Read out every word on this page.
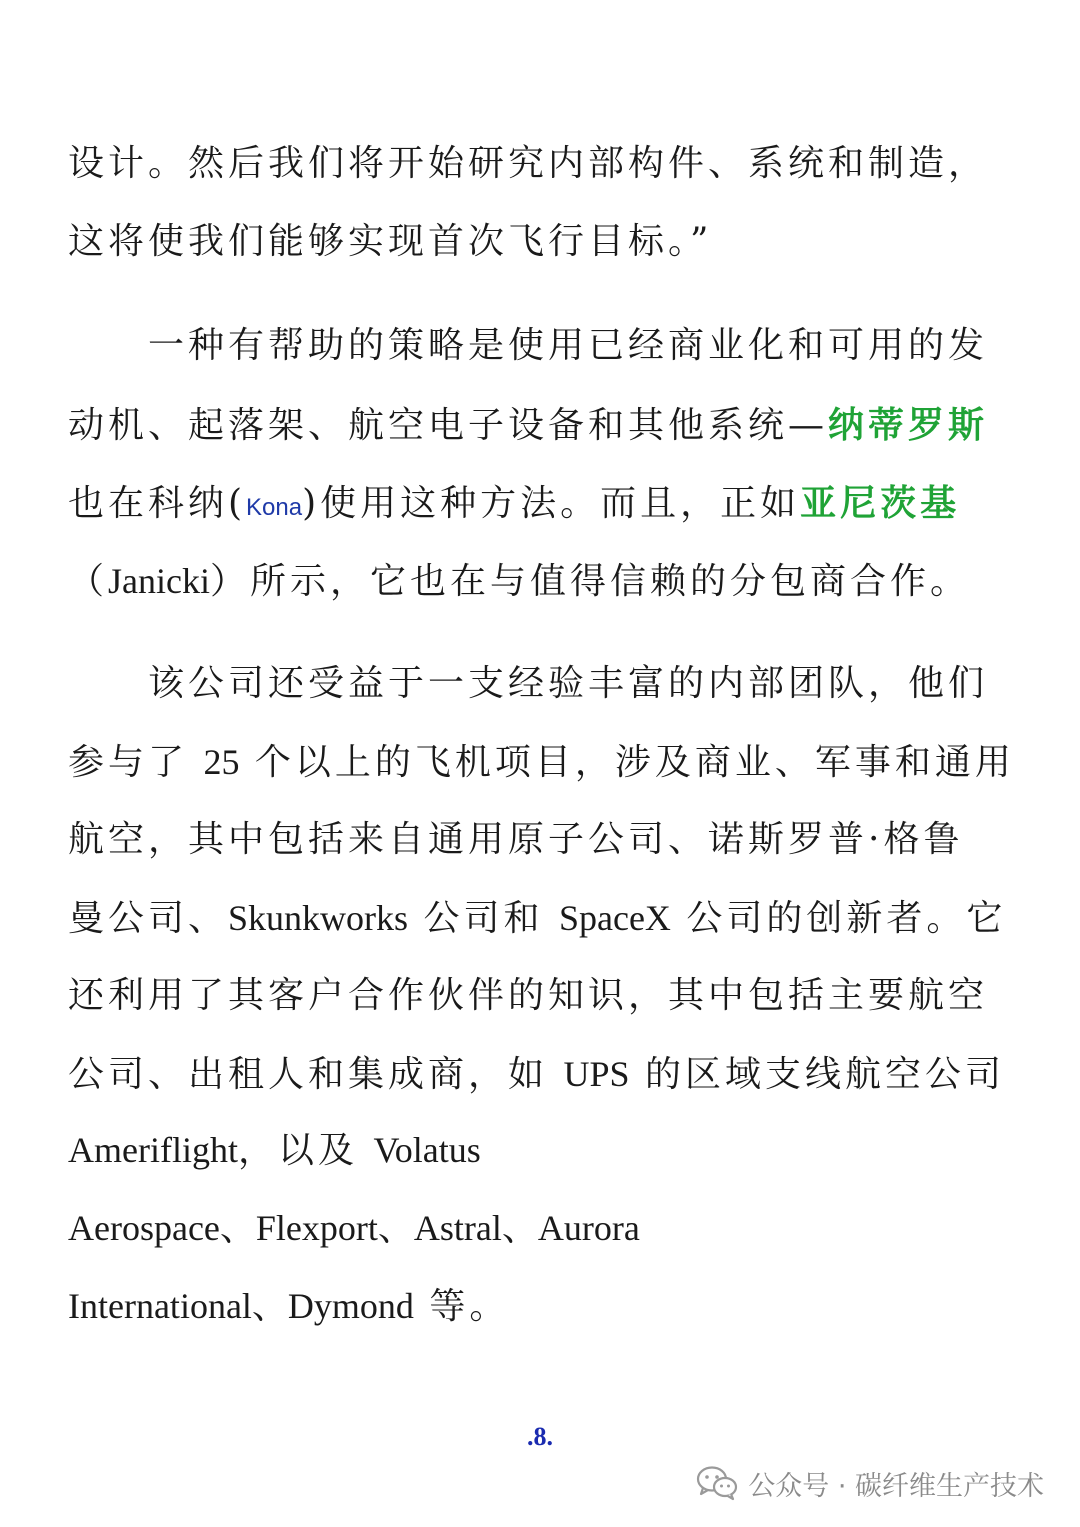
设计。然后我们将开始研究内部构件、系统和制造，
这将使我们能够实现首次飞行目标。”
一种有帮助的策略是使用已经商业化和可用的发
动机、起落架、航空电子设备和其他系统—纳蒂罗斯
也在科纳(Kona)使用这种方法。而且，正如亚尼茨基
（Janicki）所示，它也在与值得信赖的分包商合作。
该公司还受益于一支经验丰富的内部团队，他们
参与了 25 个以上的飞机项目，涉及商业、军事和通用
航空，其中包括来自通用原子公司、诺斯罗普·格鲁
曼公司、Skunkworks 公司和 SpaceX 公司的创新者。它
还利用了其客户合作伙伴的知识，其中包括主要航空
公司、出租人和集成商，如 UPS 的区域支线航空公司
Ameriflight，以及 Volatus
Aerospace、Flexport、Astral、Aurora
International、Dymond 等。
.8.
公众号 · 碳纤维生产技术
